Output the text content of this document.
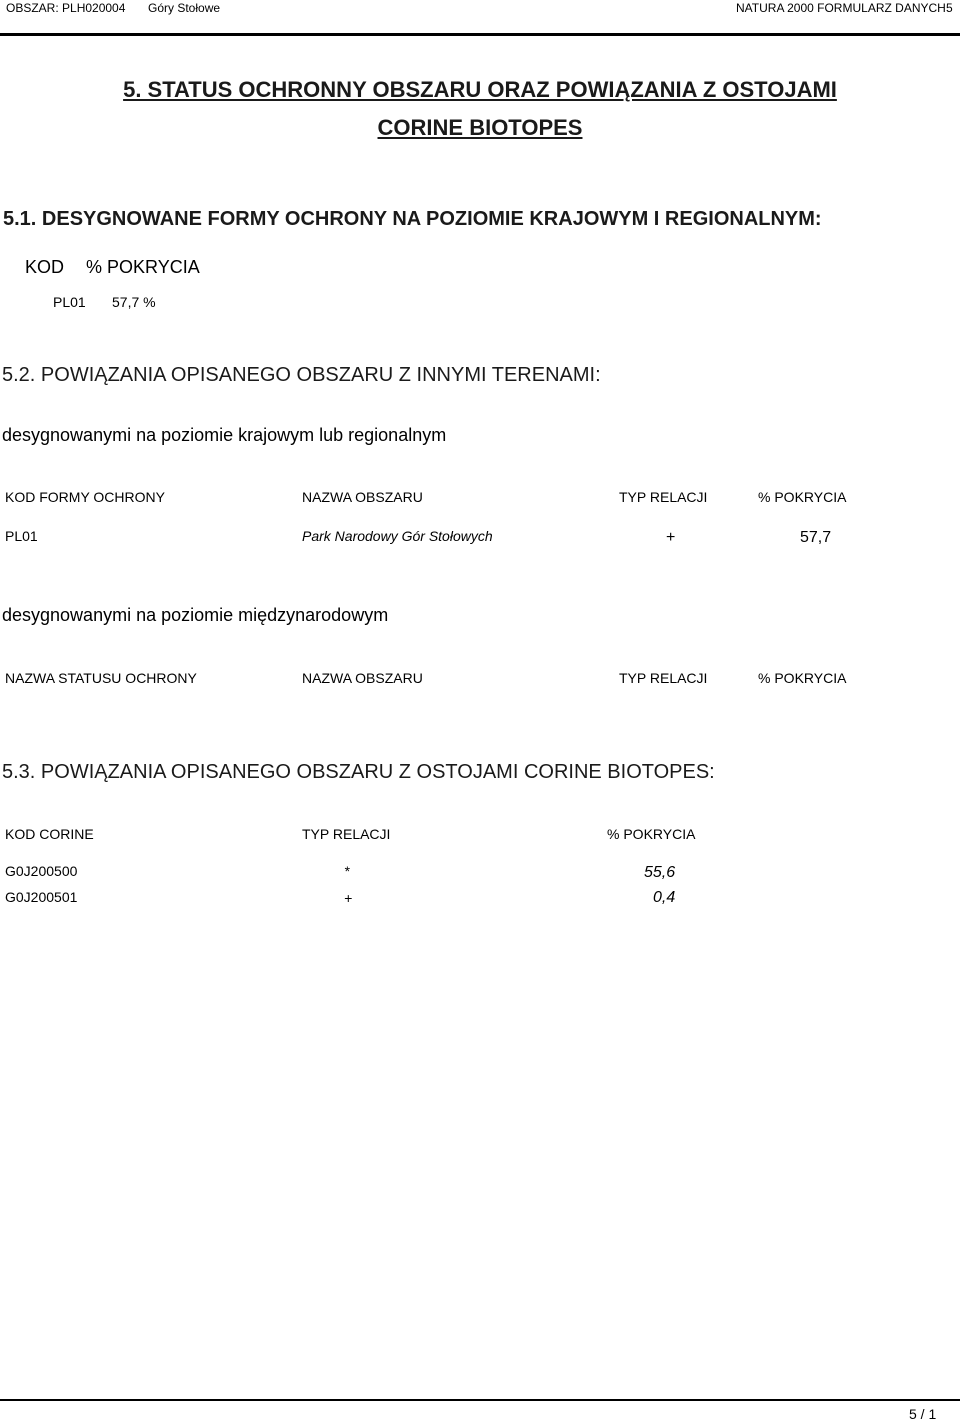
OBSZAR: PLH020004 Góry Stołowe	NATURA 2000 FORMULARZ DANYCH 5
5. STATUS OCHRONNY OBSZARU ORAZ POWIĄZANIA Z OSTOJAMI
CORINE BIOTOPES
5.1. DESYGNOWANE FORMY OCHRONY NA POZIOMIE KRAJOWYM I REGIONALNYM:
KOD % POKRYCIA
PL01 57,7 %
5.2. POWIĄZANIA OPISANEGO OBSZARU Z INNYMI TERENAMI:
desygnowanymi na poziomie krajowym lub regionalnym
KOD FORMY OCHRONY	NAZWA OBSZARU	TYP RELACJI	% POKRYCIA
PL01	Park Narodowy Gór Stołowych	+	57,7
desygnowanymi na poziomie międzynarodowym
NAZWA STATUSU OCHRONY	NAZWA OBSZARU	TYP RELACJI	% POKRYCIA
5.3. POWIĄZANIA OPISANEGO OBSZARU Z OSTOJAMI CORINE BIOTOPES:
KOD CORINE	TYP RELACJI	% POKRYCIA
G0J200500	*	55,6
G0J200501	+	0,4
5 / 1
